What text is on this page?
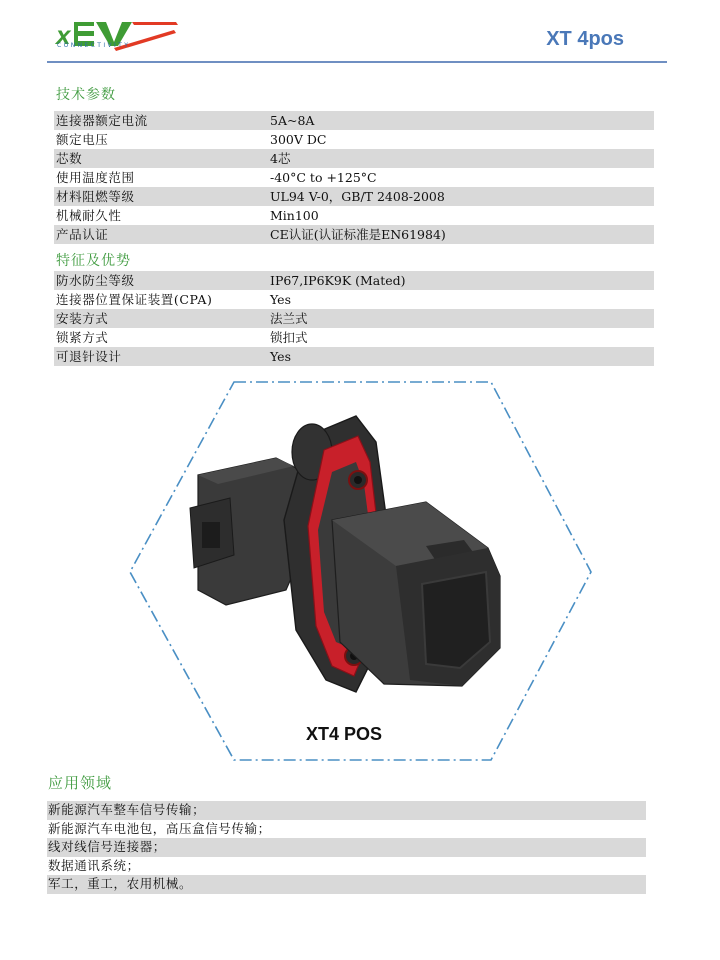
x
CONNECTIVITY	XT 4pos
技术参数
连接器额定电流	5A~8A
额定电压	300V DC
芯数	4芯
使用温度范围	-40°C to +125°C
材料阻燃等级	UL94 V-0，GB/T 2408-2008
机械耐久性	Min100
产品认证	CE认证(认证标准是EN61984)
特征及优势
防水防尘等级	IP67,IP6K9K (Mated)
连接器位置保证装置(CPA)	Yes
安装方式	法兰式
锁紧方式	锁扣式
可退针设计	Yes
XT4 POS
应用领域
新能源汽车整车信号传输；
新能源汽车电池包，高压盒信号传输；
线对线信号连接器；
数据通讯系统；
军工，重工，农用机械。
